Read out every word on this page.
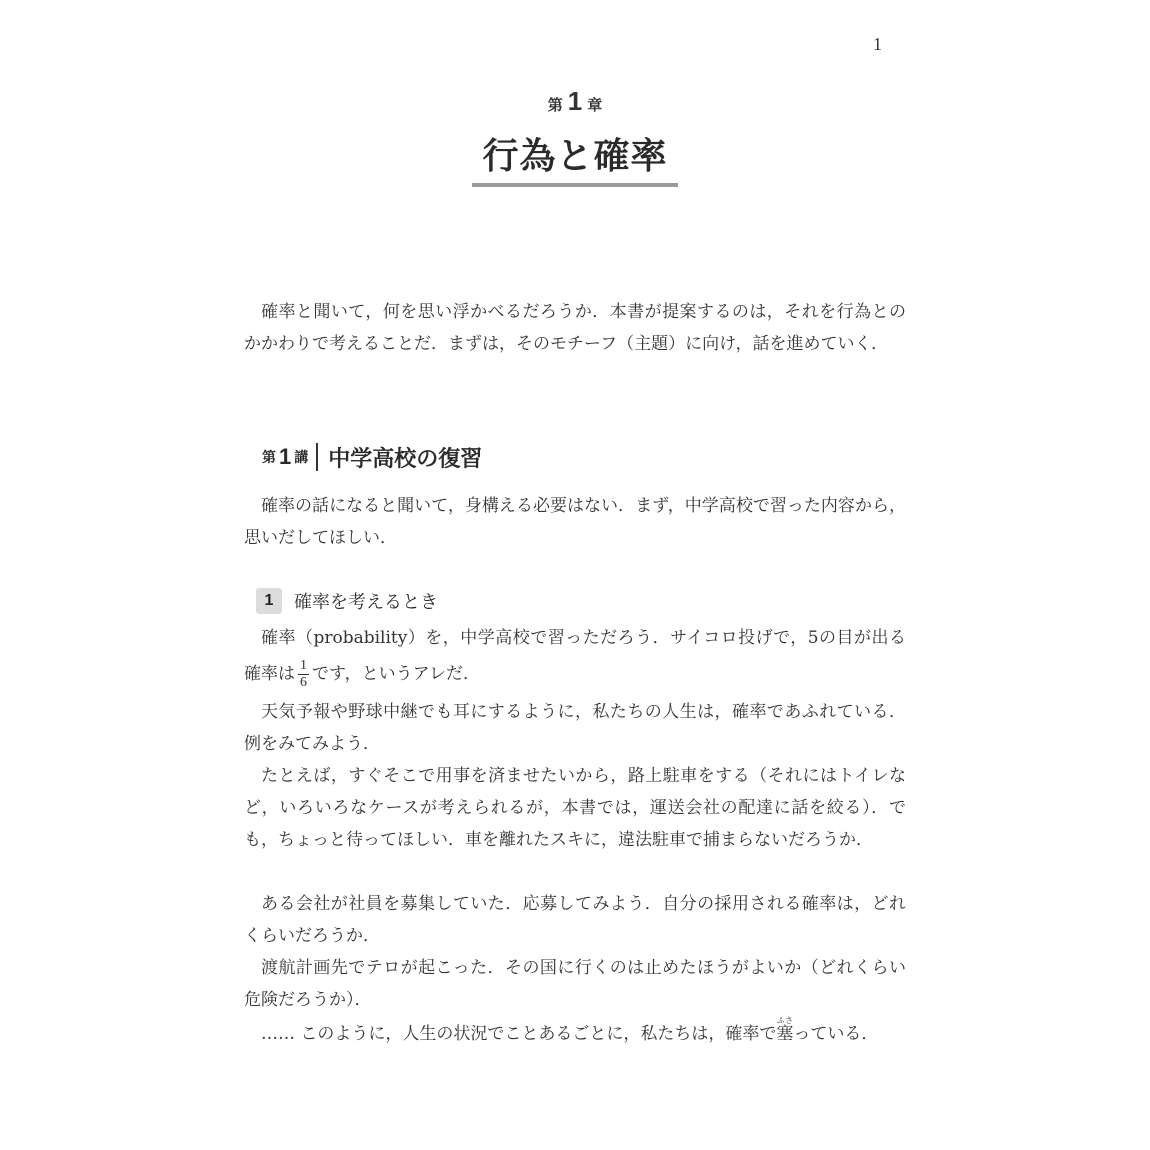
1
第 1 章
行為と確率
確率と聞いて，何を思い浮かべるだろうか．本書が提案するのは，それを行為とのかかわりで考えることだ．まずは，そのモチーフ（主題）に向け，話を進めていく．
第 1 講 中学高校の復習
確率の話になると聞いて，身構える必要はない．まず，中学高校で習った内容から，思いだしてほしい．
1	確率を考えるとき
確率（probability）を，中学高校で習っただろう．サイコロ投げで，5の目が出る確率は $\frac{1}{6}$ です，というアレだ．
天気予報や野球中継でも耳にするように，私たちの人生は，確率であふれている．例をみてみよう．
たとえば，すぐそこで用事を済ませたいから，路上駐車をする（それにはトイレなど，いろいろなケースが考えられるが，本書では，運送会社の配達に話を絞る）．でも，ちょっと待ってほしい．車を離れたスキに，違法駐車で捕まらないだろうか．
ある会社が社員を募集していた．応募してみよう．自分の採用される確率は，どれくらいだろうか．
渡航計画先でテロが起こった．その国に行くのは止めたほうがよいか（どれくらい危険だろうか）．
…… このように，人生の状況でことあるごとに，私たちは，確率で塞ふさっている．
